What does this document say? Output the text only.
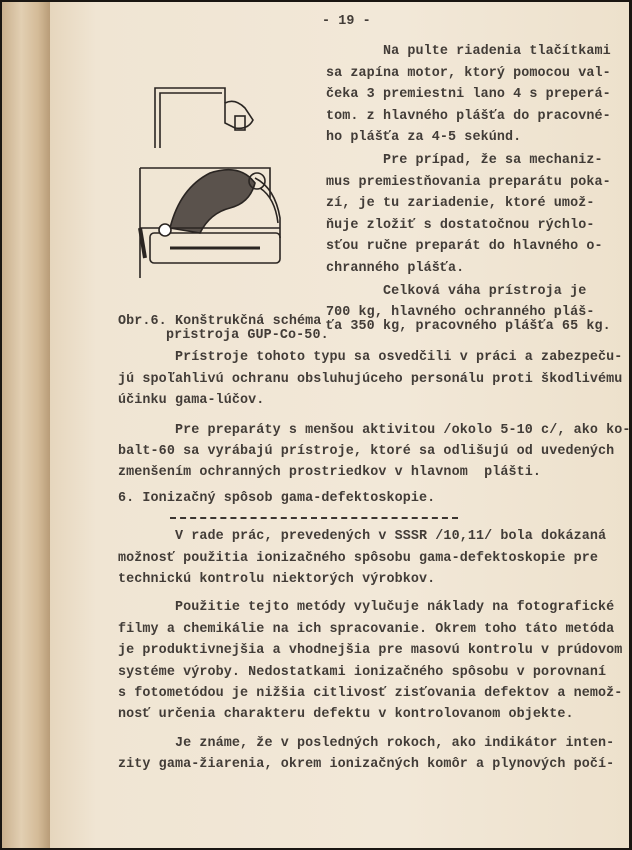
- 19 -
Na pulte riadenia tlačítkami
sa zapína motor, ktorý pomocou val-
čeka 3 premiestni lano 4 s preperá-
tom. z hlavného plášťa do pracovné-
ho plášťa za 4-5 sekúnd.
Pre prípad, že sa mechaniz-
mus premiestňovania preparátu poka-
zí, je tu zariadenie, ktoré umož-
ňuje zložiť s dostatočnou rýchlo-
sťou ručne preparát do hlavného o-
chranného plášťa.
Celková váha prístroja je
700 kg, hlavného ochranného pláš-
ťa 350 kg, pracovného plášťa 65 kg.
Obr.6. Konštrukčná schéma
pristroja GUP-Co-50.
Prístroje tohoto typu sa osvedčili v práci a zabezpeču-
jú spoľahlivú ochranu obsluhujúceho personálu proti škodlivému
účinku gama-lúčov.
Pre preparáty s menšou aktivitou /okolo 5-10 c/, ako ko-
balt-60 sa vyrábajú prístroje, ktoré sa odlišujú od uvedených
zmenšením ochranných prostriedkov v hlavnom  plášti.
6. Ionizačný spôsob gama-defektoskopie.
V rade prác, prevedených v SSSR /10,11/ bola dokázaná
možnosť použitia ionizačného spôsobu gama-defektoskopie pre
technickú kontrolu niektorých výrobkov.
Použitie tejto metódy vylučuje náklady na fotografické
filmy a chemikálie na ich spracovanie. Okrem toho táto metóda
je produktivnejšia a vhodnejšia pre masovú kontrolu v prúdovom
systéme výroby. Nedostatkami ionizačného spôsobu v porovnaní
s fotometódou je nižšia citlivosť zisťovania defektov a nemož-
nosť určenia charakteru defektu v kontrolovanom objekte.
Je známe, že v posledných rokoch, ako indikátor inten-
zity gama-žiarenia, okrem ionizačných komôr a plynových počí-
